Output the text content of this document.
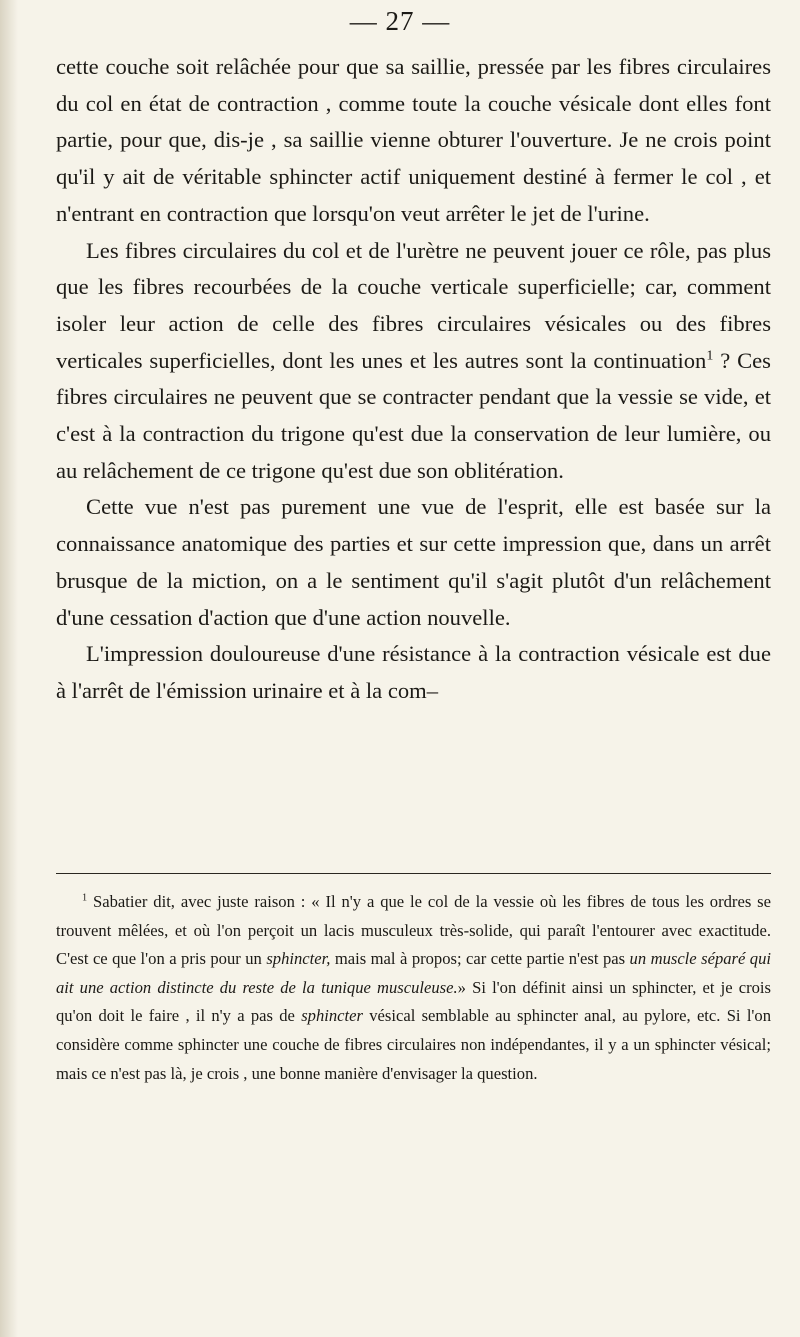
— 27 —

cette couche soit relâchée pour que sa saillie, pressée par les fibres circulaires du col en état de contraction , comme toute la couche vésicale dont elles font partie, pour que, dis-je , sa saillie vienne obturer l'ouverture. Je ne crois point qu'il y ait de véritable sphincter actif uniquement destiné à fermer le col , et n'entrant en contraction que lorsqu'on veut arrêter le jet de l'urine.

Les fibres circulaires du col et de l'urètre ne peuvent jouer ce rôle, pas plus que les fibres recourbées de la couche verticale superficielle; car, comment isoler leur action de celle des fibres circulaires vésicales ou des fibres verticales superficielles, dont les unes et les autres sont la continuation$^1$ ? Ces fibres circulaires ne peuvent que se contracter pendant que la vessie se vide, et c'est à la contraction du trigone qu'est due la conservation de leur lumière, ou au relâchement de ce trigone qu'est due son oblitération.

Cette vue n'est pas purement une vue de l'esprit, elle est basée sur la connaissance anatomique des parties et sur cette impression que, dans un arrêt brusque de la miction, on a le sentiment qu'il s'agit plutôt d'un relâchement d'une cessation d'action que d'une action nouvelle.

L'impression douloureuse d'une résistance à la contraction vésicale est due à l'arrêt de l'émission urinaire et à la com–

$^1$ Sabatier dit, avec juste raison : « Il n'y a que le col de la vessie où les fibres de tous les ordres se trouvent mêlées, et où l'on perçoit un lacis musculeux très-solide, qui paraît l'entourer avec exactitude. C'est ce que l'on a pris pour un sphincter, mais mal à propos; car cette partie n'est pas un muscle séparé qui ait une action distincte du reste de la tunique musculeuse.» Si l'on définit ainsi un sphincter, et je crois qu'on doit le faire , il n'y a pas de sphincter vésical semblable au sphincter anal, au pylore, etc. Si l'on considère comme sphincter une couche de fibres circulaires non indépendantes, il y a un sphincter vésical; mais ce n'est pas là, je crois , une bonne manière d'envisager la question.
